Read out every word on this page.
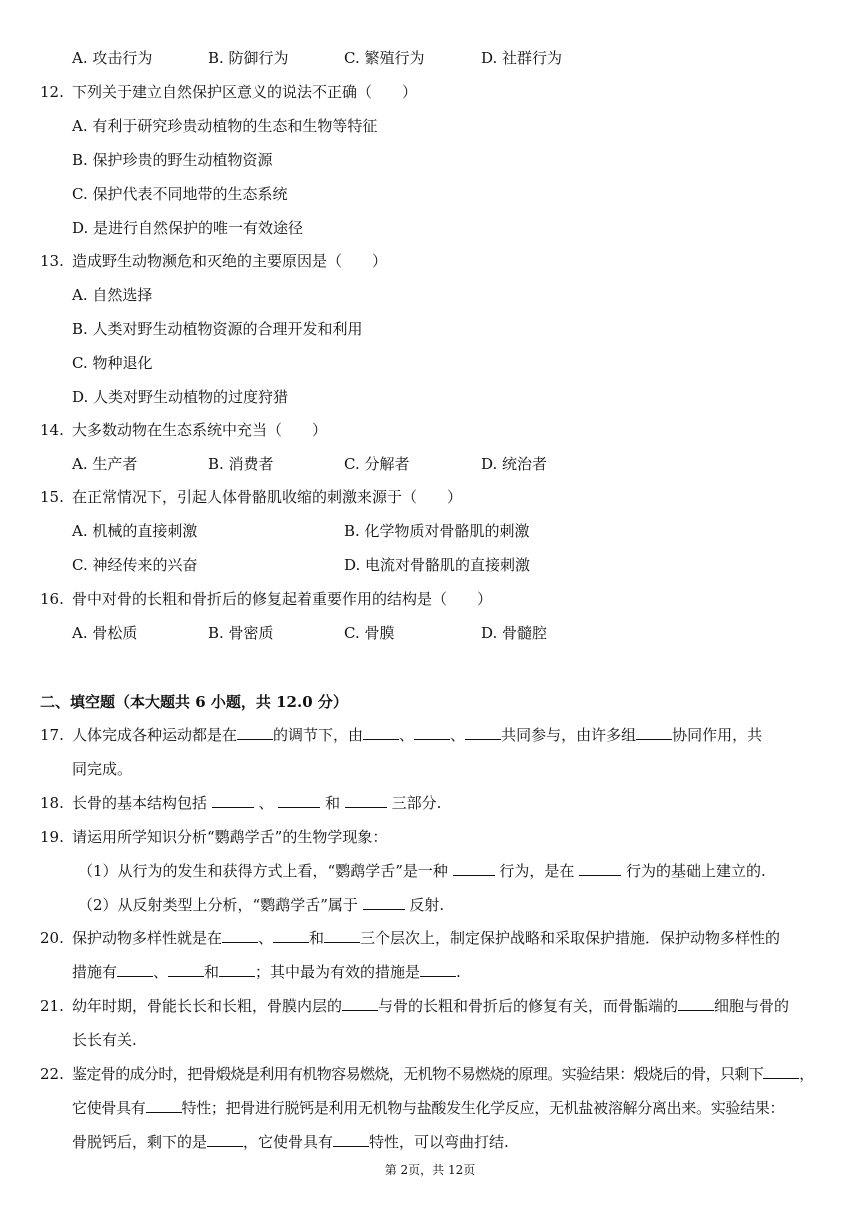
A. 攻击行为	B. 防御行为	C. 繁殖行为	D. 社群行为
12. 下列关于建立自然保护区意义的说法不正确（　　）
A. 有利于研究珍贵动植物的生态和生物等特征
B. 保护珍贵的野生动植物资源
C. 保护代表不同地带的生态系统
D. 是进行自然保护的唯一有效途径
13. 造成野生动物濒危和灭绝的主要原因是（　　）
A. 自然选择
B. 人类对野生动植物资源的合理开发和利用
C. 物种退化
D. 人类对野生动植物的过度狩猎
14. 大多数动物在生态系统中充当（　　）
A. 生产者	B. 消费者	C. 分解者	D. 统治者
15. 在正常情况下，引起人体骨骼肌收缩的刺激来源于（　　）
A. 机械的直接刺激	B. 化学物质对骨骼肌的刺激
C. 神经传来的兴奋	D. 电流对骨骼肌的直接刺激
16. 骨中对骨的长粗和骨折后的修复起着重要作用的结构是（　　）
A. 骨松质	B. 骨密质	C. 骨膜	D. 骨髓腔
二、填空题（本大题共 6 小题，共 12.0 分）
17. 人体完成各种运动都是在 的调节下，由 、 、 共同参与，由许多组 协同作用，共
同完成。
18. 长骨的基本结构包括	、	和	三部分.
19. 请运用所学知识分析“鹦鹉学舌”的生物学现象：
（1）从行为的发生和获得方式上看，“鹦鹉学舌”是一种	行为，是在	行为的基础上建立的.
（2）从反射类型上分析，“鹦鹉学舌”属于	反射.
20. 保护动物多样性就是在 、 和 三个层次上，制定保护战略和采取保护措施．保护动物多样性的
措施有 、 和 ；其中最为有效的措施是 .
21. 幼年时期，骨能长长和长粗，骨膜内层的 与骨的长粗和骨折后的修复有关，而骨骺端的 细胞与骨的
长长有关.
22. 鉴定骨的成分时，把骨煅烧是利用有机物容易燃烧，无机物不易燃烧的原理。实验结果：煅烧后的骨，只剩下 ，
它使骨具有 特性；把骨进行脱钙是利用无机物与盐酸发生化学反应，无机盐被溶解分离出来。实验结果：
骨脱钙后，剩下的是 ，它使骨具有 特性，可以弯曲打结.
第 2页，共 12页
